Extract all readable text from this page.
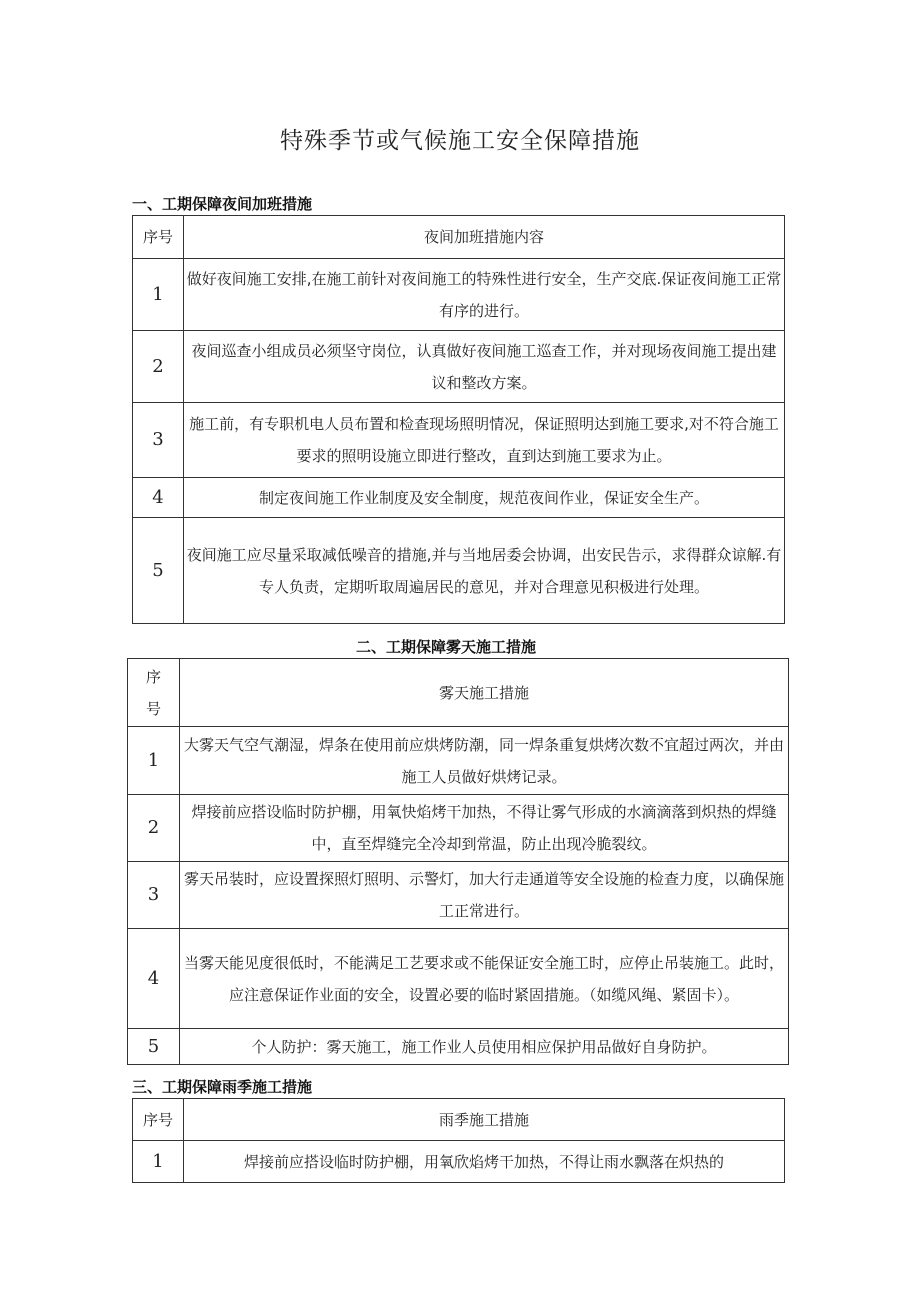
特殊季节或气候施工安全保障措施
一、工期保障夜间加班措施
序号	夜间加班措施内容
1	做好夜间施工安排,在施工前针对夜间施工的特殊性进行安全，生产交底.保证夜间施工正常有序的进行。
2	夜间巡查小组成员必须坚守岗位，认真做好夜间施工巡查工作，并对现场夜间施工提出建议和整改方案。
3	施工前，有专职机电人员布置和检查现场照明情况，保证照明达到施工要求,对不符合施工要求的照明设施立即进行整改，直到达到施工要求为止。
4	制定夜间施工作业制度及安全制度，规范夜间作业，保证安全生产。
5	夜间施工应尽量采取减低噪音的措施,并与当地居委会协调，出安民告示，求得群众谅解.有专人负责，定期听取周遍居民的意见，并对合理意见积极进行处理。
二、工期保障雾天施工措施
序号	雾天施工措施
1	大雾天气空气潮湿，焊条在使用前应烘烤防潮，同一焊条重复烘烤次数不宜超过两次，并由施工人员做好烘烤记录。
2	焊接前应搭设临时防护棚，用氧快焰烤干加热，不得让雾气形成的水滴滴落到炽热的焊缝中，直至焊缝完全冷却到常温，防止出现冷脆裂纹。
3	雾天吊装时，应设置探照灯照明、示警灯，加大行走通道等安全设施的检查力度，以确保施工正常进行。
4	当雾天能见度很低时，不能满足工艺要求或不能保证安全施工时，应停止吊装施工。此时，应注意保证作业面的安全，设置必要的临时紧固措施。（如缆风绳、紧固卡）。
5	个人防护：雾天施工，施工作业人员使用相应保护用品做好自身防护。
三、工期保障雨季施工措施
序号	雨季施工措施
1	焊接前应搭设临时防护棚，用氧欣焰烤干加热，不得让雨水飘落在炽热的
